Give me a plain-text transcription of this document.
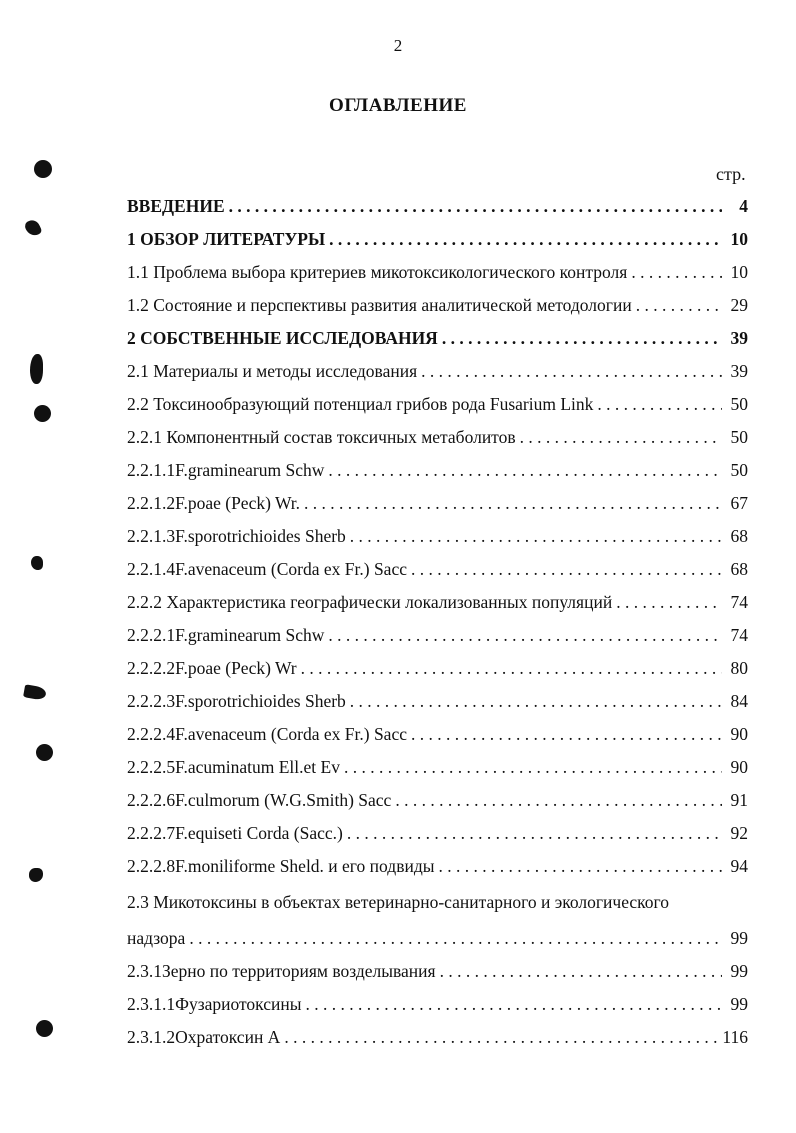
2
ОГЛАВЛЕНИЕ
стр.
ВВЕДЕНИЕ . . .	4
1 ОБЗОР ЛИТЕРАТУРЫ . . .	10
1.1 Проблема выбора критериев микотоксикологического контроля . . .	10
1.2 Состояние и перспективы развития аналитической методологии . . .	29
2 СОБСТВЕННЫЕ ИССЛЕДОВАНИЯ . . .	39
2.1 Материалы и методы исследования . . .	39
2.2 Токсинообразующий потенциал грибов рода Fusarium Link . . .	50
2.2.1 Компонентный состав токсичных метаболитов . . .	50
2.2.1.1 F.graminearum Schw . . .	50
2.2.1.2 F.poae (Peck) Wr. . . .	67
2.2.1.3 F.sporotrichioides Sherb . . .	68
2.2.1.4 F.avenaceum (Corda ex Fr.) Sacc . . .	68
2.2.2 Характеристика географически локализованных популяций . . .	74
2.2.2.1 F.graminearum Schw . . .	74
2.2.2.2 F.poae (Peck) Wr . . .	80
2.2.2.3 F.sporotrichioides Sherb . . .	84
2.2.2.4 F.avenaceum (Corda ex Fr.) Sacc . . .	90
2.2.2.5 F.acuminatum Ell.et Ev . . .	90
2.2.2.6 F.culmorum (W.G.Smith) Sacc . . .	91
2.2.2.7 F.equiseti Corda (Sacc.) . . .	92
2.2.2.8 F.moniliforme Sheld. и его подвиды . . .	94
2.3 Микотоксины в объектах ветеринарно-санитарного и экологического
надзора . . .	99
2.3.1 Зерно по территориям возделывания . . .	99
2.3.1.1 Фузариотоксины . . .	99
2.3.1.2 Охратоксин А . . .	116
